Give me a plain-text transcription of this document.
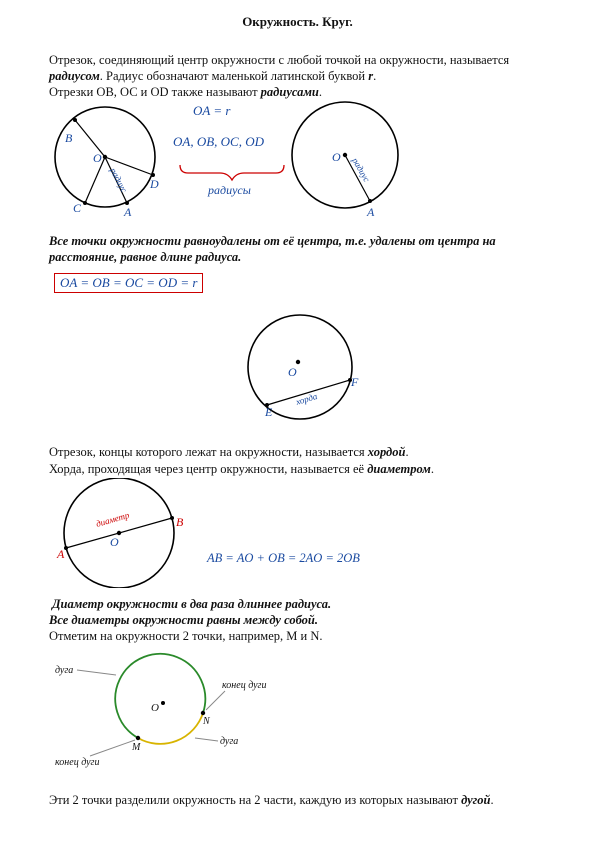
Окружность. Круг.
Отрезок, соединяющий центр окружности с любой точкой на окружности, называется
радиусом. Радиус обозначают маленькой латинской буквой r.
Отрезки ОВ, ОС и OD также называют радиусами.
O
B
C	A
D
радиус
OA = r
OA, OB, OC, OD
радиусы
O
A
радиус
Все точки окружности равноудалены от её центра, т.е. удалены от центра на
расстояние, равное длине радиуса.
OA = OB = OC = OD = r
O
E
F
хорда
Отрезок, концы которого лежат на окружности, называется хордой.
Хорда, проходящая через центр окружности, называется её диаметром.
O
A
B
диаметр
AB = AO + OB = 2AO = 2OB
Диаметр окружности в два раза длиннее радиуса.
Все диаметры окружности равны между собой.
Отметим на окружности 2 точки, например, M и N.
O
M
N
дуга
конец дуги
дуга
конец дуги
Эти 2 точки разделили окружность на 2 части, каждую из которых называют дугой.
